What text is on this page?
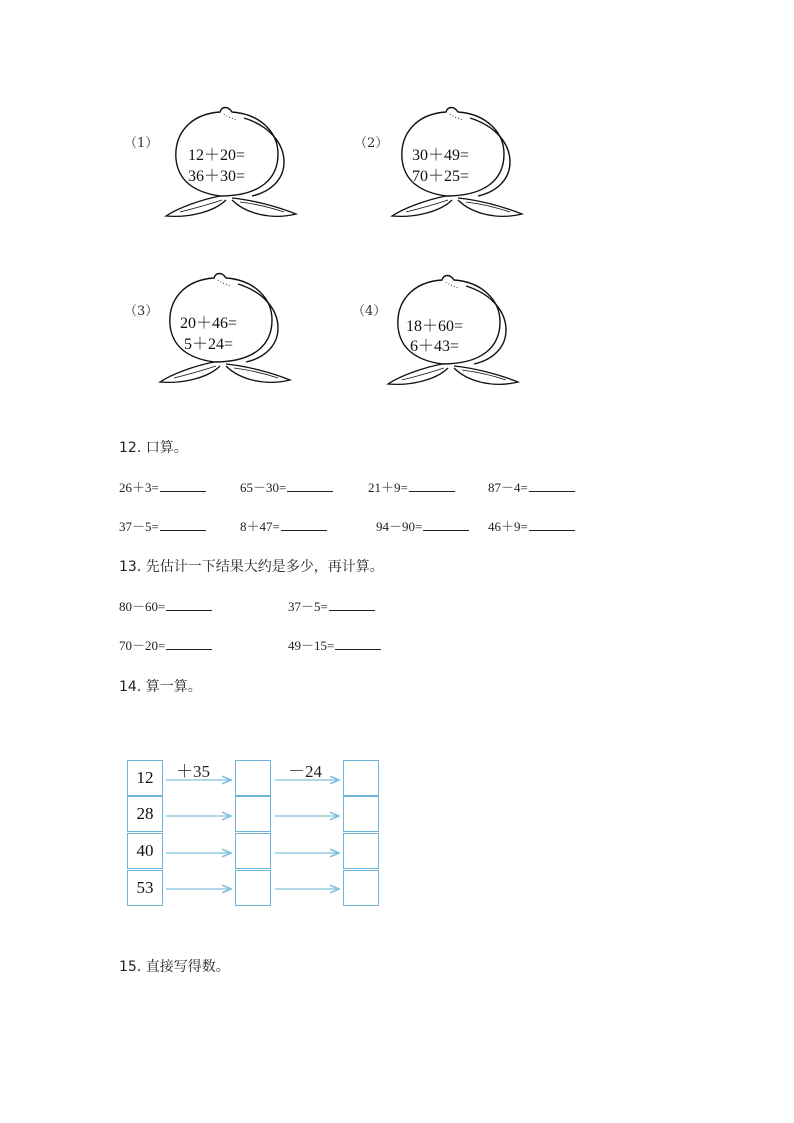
（1）
12＋20=
36＋30=
（2）
30＋49=
70＋25=
（3）
20＋46=
5＋24=
（4）
18＋60=
6＋43=
12. 口算。
26＋3=	65－30=	21＋9=	87－4=
37－5=	8＋47=	94－90=	46＋9=
13. 先估计一下结果大约是多少，再计算。
80－60=	37－5=
70－20=	49－15=
14. 算一算。
＋35	－24
12
28
40
53
15. 直接写得数。
